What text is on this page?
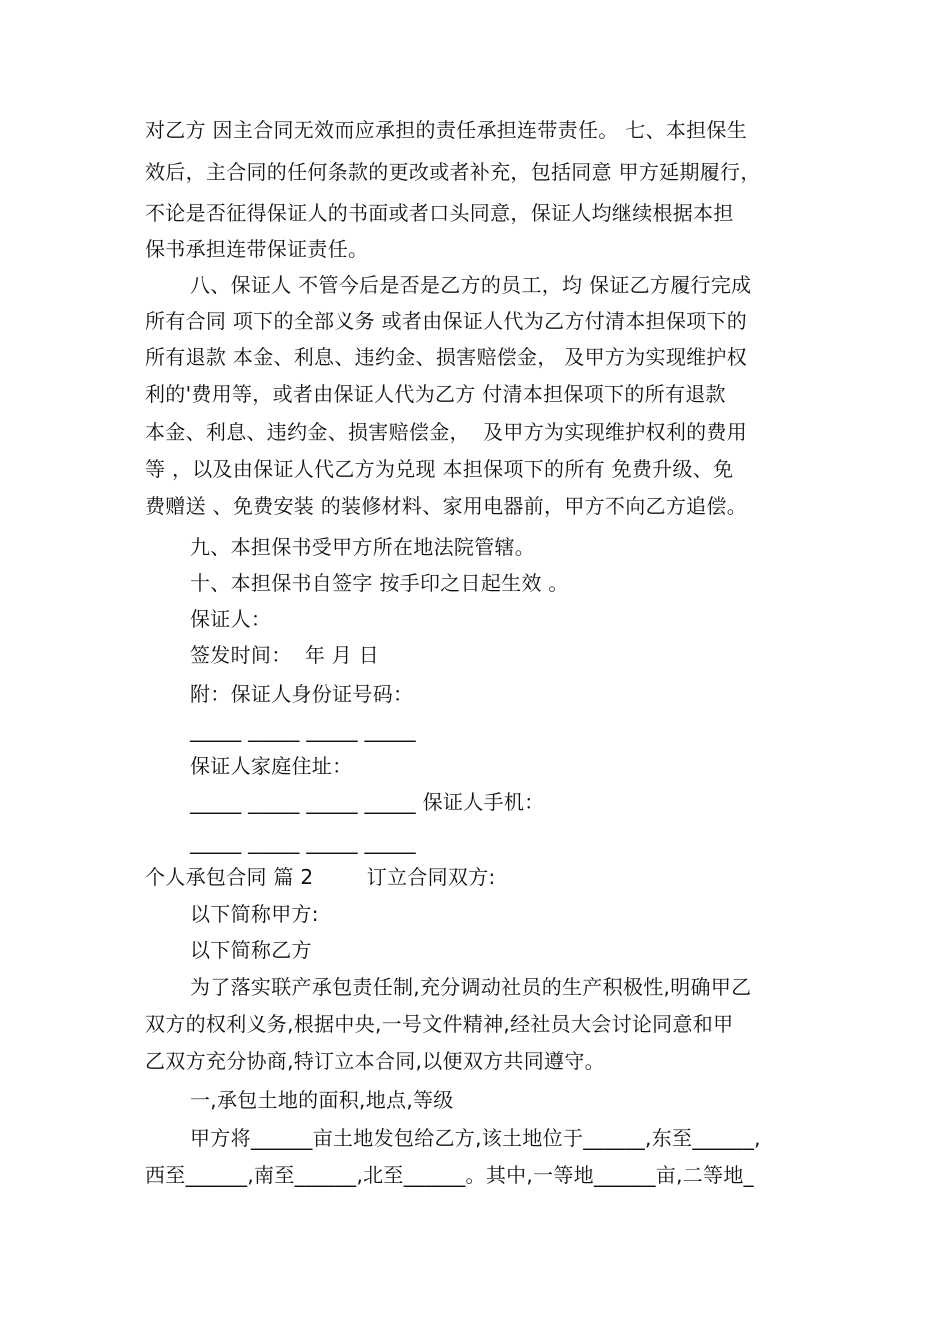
对乙方 因主合同无效而应承担的责任承担连带责任。 七、本担保生
效后，主合同的任何条款的更改或者补充，包括同意 甲方延期履行，
不论是否征得保证人的书面或者口头同意，保证人均继续根据本担
保书承担连带保证责任。
八、保证人 不管今后是否是乙方的员工，均 保证乙方履行完成
所有合同 项下的全部义务 或者由保证人代为乙方付清本担保项下的
所有退款 本金、利息、违约金、损害赔偿金， 及甲方为实现维护权
利的'费用等，或者由保证人代为乙方 付清本担保项下的所有退款
本金、利息、违约金、损害赔偿金，  及甲方为实现维护权利的费用
等 ，以及由保证人代乙方为兑现 本担保项下的所有 免费升级、免
费赠送 、免费安装 的装修材料、家用电器前，甲方不向乙方追偿。
九、本担保书受甲方所在地法院管辖。
十、本担保书自签字 按手印之日起生效 。
保证人：
签发时间：  年 月 日
附：保证人身份证号码：
_____ _____ _____ _____
保证人家庭住址：
_____ _____ _____ _____ 保证人手机：
_____ _____ _____ _____
个人承包合同 篇 2        订立合同双方:
以下简称甲方:
以下简称乙方
为了落实联产承包责任制,充分调动社员的生产积极性,明确甲乙
双方的权利义务,根据中央,一号文件精神,经社员大会讨论同意和甲
乙双方充分协商,特订立本合同,以便双方共同遵守。
一,承包土地的面积,地点,等级
甲方将______亩土地发包给乙方,该土地位于______,东至______,
西至______,南至______,北至______。其中,一等地______亩,二等地_
